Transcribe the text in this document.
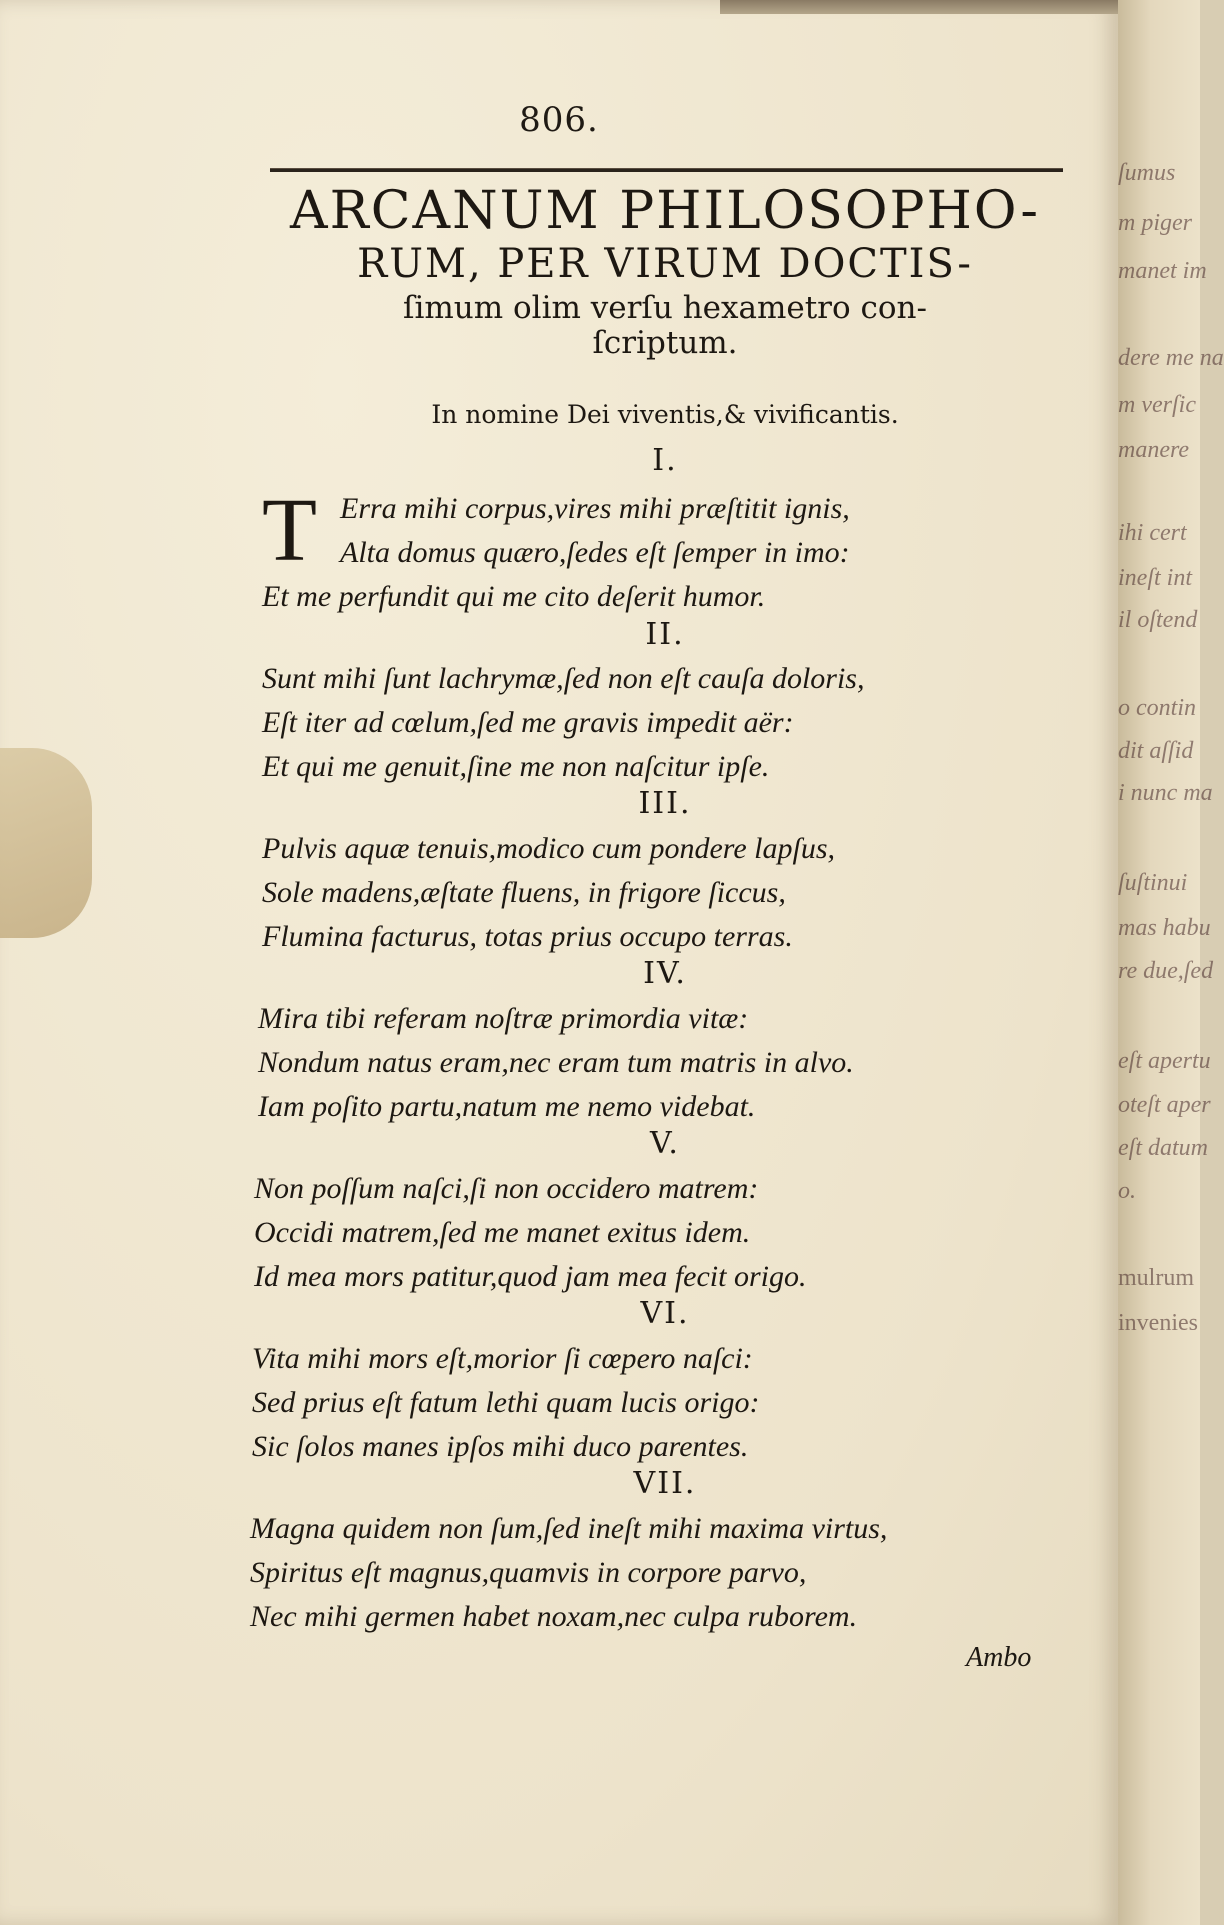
806.
ARCANUM PHILOSOPHO-
RUM, PER VIRUM DOCTIS-
ſimum olim verſu hexametro con-
ſcriptum.
In nomine Dei viventis,& vivificantis.
I.
T Erra mihi corpus,vires mihi præſtitit ignis,
Alta domus quæro,ſedes eſt ſemper in imo:
Et me perfundit qui me cito deſerit humor.
II.
Sunt mihi ſunt lachrymæ,ſed non eſt cauſa doloris,
Eſt iter ad cœlum,ſed me gravis impedit aër:
Et qui me genuit,ſine me non naſcitur ipſe.
III.
Pulvis aquæ tenuis,modico cum pondere lapſus,
Sole madens,æſtate fluens, in frigore ſiccus,
Flumina facturus, totas prius occupo terras.
IV.
Mira tibi referam noſtræ primordia vitæ:
Nondum natus eram,nec eram tum matris in alvo.
Iam poſito partu,natum me nemo videbat.
V.
Non poſſum naſci,ſi non occidero matrem:
Occidi matrem,ſed me manet exitus idem.
Id mea mors patitur,quod jam mea fecit origo.
VI.
Vita mihi mors eſt,morior ſi cœpero naſci:
Sed prius eſt fatum lethi quam lucis origo:
Sic ſolos manes ipſos mihi duco parentes.
VII.
Magna quidem non ſum,ſed ineſt mihi maxima virtus,
Spiritus eſt magnus,quamvis in corpore parvo,
Nec mihi germen habet noxam,nec culpa ruborem.
Ambo
ſumus
m piger
manet im
dere me na
m verſic
manere
ihi cert
ineſt int
il oſtend
o contin
dit aſſid
i nunc ma
ſuſtinui
mas habu
re due,ſed
eſt apertu
oteſt aper
eſt datum
o.
mulrum
invenies
